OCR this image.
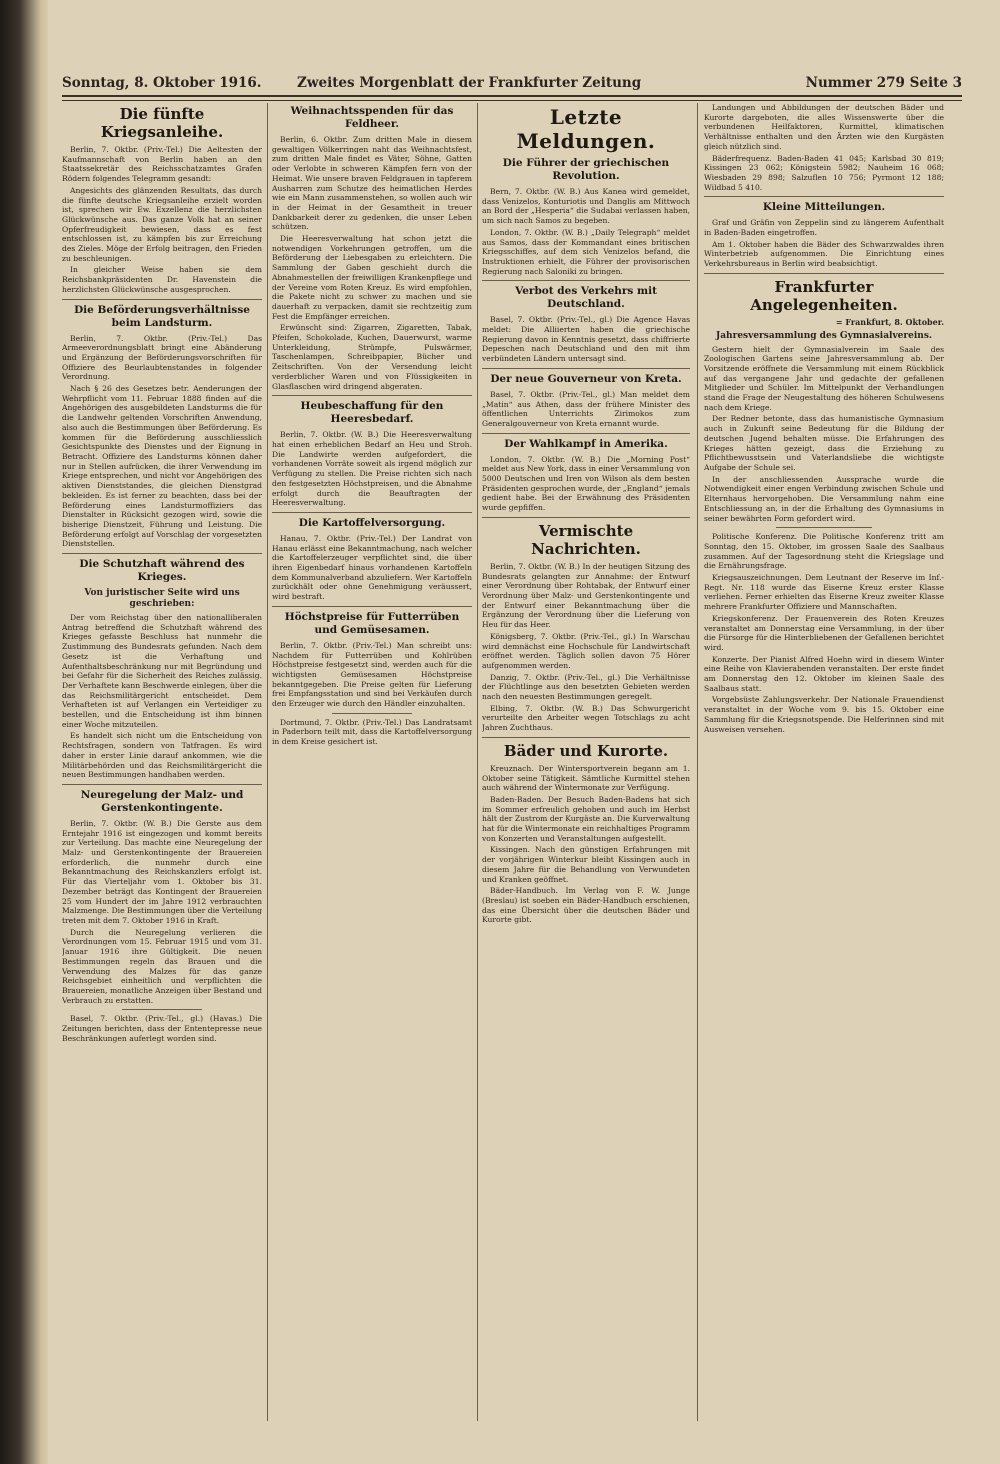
Sonntag, 8. Oktober 1916.	Zweites Morgenblatt der Frankfurter Zeitung	Nummer 279 Seite 3
Die fünfte Kriegsanleihe.

Berlin, 7. Oktbr. (Priv.-Tel.) Die Aeltesten der Kaufmannschaft von Berlin haben an den Staatssekretär des Reichsschatzamtes Grafen Rödern folgendes Telegramm gesandt:

Angesichts des glänzenden Resultats, das durch die fünfte deutsche Kriegsanleihe erzielt worden ist, sprechen wir Ew. Exzellenz die herzlichsten Glückwünsche aus. Das ganze Volk hat an seiner Opferfreudigkeit bewiesen, dass es fest entschlossen ist, zu kämpfen bis zur Erreichung des Zieles. Möge der Erfolg beitragen, den Frieden zu beschleunigen.

In gleicher Weise haben sie dem Reichsbankpräsidenten Dr. Havenstein die herzlichsten Glückwünsche ausgesprochen.

Die Beförderungsverhältnisse beim Landsturm.

Berlin, 7. Oktbr. (Priv.-Tel.) Das Armeeverordnungsblatt bringt eine Abänderung und Ergänzung der Beförderungsvorschriften für Offiziere des Beurlaubtenstandes in folgender Verordnung.

Nach § 26 des Gesetzes betr. Aenderungen der Wehrpflicht vom 11. Februar 1888 finden auf die Angehörigen des ausgebildeten Landsturms die für die Landwehr geltenden Vorschriften Anwendung, also auch die Bestimmungen über Beförderung. Es kommen für die Beförderung ausschliesslich Gesichtspunkte des Dienstes und der Eignung in Betracht. Offiziere des Landsturms können daher nur in Stellen aufrücken, die ihrer Verwendung im Kriege entsprechen, und nicht vor Angehörigen des aktiven Dienststandes, die gleichen Dienstgrad bekleiden. Es ist ferner zu beachten, dass bei der Beförderung eines Landsturmoffiziers das Dienstalter in Rücksicht gezogen wird, sowie die bisherige Dienstzeit, Führung und Leistung. Die Beförderung erfolgt auf Vorschlag der vorgesetzten Dienststellen.

Die Schutzhaft während des Krieges.
Von juristischer Seite wird uns geschrieben:

Der vom Reichstag über den nationalliberalen Antrag betreffend die Schutzhaft während des Krieges gefasste Beschluss hat nunmehr die Zustimmung des Bundesrats gefunden. Nach dem Gesetz ist die Verhaftung und Aufenthaltsbeschränkung nur mit Begründung und bei Gefahr für die Sicherheit des Reiches zulässig. Der Verhaftete kann Beschwerde einlegen, über die das Reichsmilitärgericht entscheidet. Dem Verhafteten ist auf Verlangen ein Verteidiger zu bestellen, und die Entscheidung ist ihm binnen einer Woche mitzuteilen.

Es handelt sich nicht um die Entscheidung von Rechtsfragen, sondern von Tatfragen. Es wird daher in erster Linie darauf ankommen, wie die Militärbehörden und das Reichsmilitärgericht die neuen Bestimmungen handhaben werden.

Neuregelung der Malz- und Gerstenkontingente.

Berlin, 7. Oktbr. (W. B.) Die Gerste aus dem Erntejahr 1916 ist eingezogen und kommt bereits zur Verteilung. Das machte eine Neuregelung der Malz- und Gerstenkontingente der Brauereien erforderlich, die nunmehr durch eine Bekanntmachung des Reichskanzlers erfolgt ist. Für das Vierteljahr vom 1. Oktober bis 31. Dezember beträgt das Kontingent der Brauereien 25 vom Hundert der im Jahre 1912 verbrauchten Malzmenge. Die Bestimmungen über die Verteilung treten mit dem 7. Oktober 1916 in Kraft.

Durch die Neuregelung verlieren die Verordnungen vom 15. Februar 1915 und vom 31. Januar 1916 ihre Gültigkeit. Die neuen Bestimmungen regeln das Brauen und die Verwendung des Malzes für das ganze Reichsgebiet einheitlich und verpflichten die Brauereien, monatliche Anzeigen über Bestand und Verbrauch zu erstatten.

Basel, 7. Oktbr. (Priv.-Tel., gl.) (Havas.) Die Zeitungen berichten, dass der Ententepresse neue Beschränkungen auferlegt worden sind.

Weihnachtsspenden für das Feldheer.

Berlin, 6. Oktbr. Zum dritten Male in diesem gewaltigen Völkerringen naht das Weihnachtsfest, zum dritten Male findet es Väter, Söhne, Gatten oder Verlobte in schweren Kämpfen fern von der Heimat. Wie unsere braven Feldgrauen in tapferem Ausharren zum Schutze des heimatlichen Herdes wie ein Mann zusammenstehen, so wollen auch wir in der Heimat in der Gesamtheit in treuer Dankbarkeit derer zu gedenken, die unser Leben schützen.

Die Heeresverwaltung hat schon jetzt die notwendigen Vorkehrungen getroffen, um die Beförderung der Liebesgaben zu erleichtern. Die Sammlung der Gaben geschieht durch die Abnahmestellen der freiwilligen Krankenpflege und der Vereine vom Roten Kreuz. Es wird empfohlen, die Pakete nicht zu schwer zu machen und sie dauerhaft zu verpacken, damit sie rechtzeitig zum Fest die Empfänger erreichen.

Erwünscht sind: Zigarren, Zigaretten, Tabak, Pfeifen, Schokolade, Kuchen, Dauerwurst, warme Unterkleidung, Strümpfe, Pulswärmer, Taschenlampen, Schreibpapier, Bücher und Zeitschriften. Von der Versendung leicht verderblicher Waren und von Flüssigkeiten in Glasflaschen wird dringend abgeraten.

Heubeschaffung für den Heeresbedarf.

Berlin, 7. Oktbr. (W. B.) Die Heeresverwaltung hat einen erheblichen Bedarf an Heu und Stroh. Die Landwirte werden aufgefordert, die vorhandenen Vorräte soweit als irgend möglich zur Verfügung zu stellen. Die Preise richten sich nach den festgesetzten Höchstpreisen, und die Abnahme erfolgt durch die Beauftragten der Heeresverwaltung.

Die Kartoffelversorgung.

Hanau, 7. Oktbr. (Priv.-Tel.) Der Landrat von Hanau erlässt eine Bekanntmachung, nach welcher die Kartoffelerzeuger verpflichtet sind, die über ihren Eigenbedarf hinaus vorhandenen Kartoffeln dem Kommunalverband abzuliefern. Wer Kartoffeln zurückhält oder ohne Genehmigung veräussert, wird bestraft.

Höchstpreise für Futterrüben und Gemüsesamen.

Berlin, 7. Oktbr. (Priv.-Tel.) Man schreibt uns: Nachdem für Futterrüben und Kohlrüben Höchstpreise festgesetzt sind, werden auch für die wichtigsten Gemüsesamen Höchstpreise bekanntgegeben. Die Preise gelten für Lieferung frei Empfangsstation und sind bei Verkäufen durch den Erzeuger wie durch den Händler einzuhalten.

Dortmund, 7. Oktbr. (Priv.-Tel.) Das Landratsamt in Paderborn teilt mit, dass die Kartoffelversorgung in dem Kreise gesichert ist.

Letzte Meldungen.
Die Führer der griechischen Revolution.

Bern, 7. Oktbr. (W. B.) Aus Kanea wird gemeldet, dass Venizelos, Konturiotis und Danglis am Mittwoch an Bord der „Hesperia“ die Sudabai verlassen haben, um sich nach Samos zu begeben.

London, 7. Oktbr. (W. B.) „Daily Telegraph“ meldet aus Samos, dass der Kommandant eines britischen Kriegsschiffes, auf dem sich Venizelos befand, die Instruktionen erhielt, die Führer der provisorischen Regierung nach Saloniki zu bringen.

Verbot des Verkehrs mit Deutschland.

Basel, 7. Oktbr. (Priv.-Tel., gl.) Die Agence Havas meldet: Die Alliierten haben die griechische Regierung davon in Kenntnis gesetzt, dass chiffrierte Depeschen nach Deutschland und den mit ihm verbündeten Ländern untersagt sind.

Der neue Gouverneur von Kreta.

Basel, 7. Oktbr. (Priv.-Tel., gl.) Man meldet dem „Matin“ aus Athen, dass der frühere Minister des öffentlichen Unterrichts Zirimokos zum Generalgouverneur von Kreta ernannt wurde.

Der Wahlkampf in Amerika.

London, 7. Oktbr. (W. B.) Die „Morning Post“ meldet aus New York, dass in einer Versammlung von 5000 Deutschen und Iren von Wilson als dem besten Präsidenten gesprochen wurde, der „England“ jemals gedient habe. Bei der Erwähnung des Präsidenten wurde gepfiffen.

Vermischte Nachrichten.

Berlin, 7. Oktbr. (W. B.) In der heutigen Sitzung des Bundesrats gelangten zur Annahme: der Entwurf einer Verordnung über Rohtabak, der Entwurf einer Verordnung über Malz- und Gerstenkontingente und der Entwurf einer Bekanntmachung über die Ergänzung der Verordnung über die Lieferung von Heu für das Heer.

Königsberg, 7. Oktbr. (Priv.-Tel., gl.) In Warschau wird demnächst eine Hochschule für Landwirtschaft eröffnet werden. Täglich sollen davon 75 Hörer aufgenommen werden.

Danzig, 7. Oktbr. (Priv.-Tel., gl.) Die Verhältnisse der Flüchtlinge aus den besetzten Gebieten werden nach den neuesten Bestimmungen geregelt.

Elbing, 7. Oktbr. (W. B.) Das Schwurgericht verurteilte den Arbeiter wegen Totschlags zu acht Jahren Zuchthaus.

Bäder und Kurorte.

Kreuznach. Der Wintersportverein begann am 1. Oktober seine Tätigkeit. Sämtliche Kurmittel stehen auch während der Wintermonate zur Verfügung.

Baden-Baden. Der Besuch Baden-Badens hat sich im Sommer erfreulich gehoben und auch im Herbst hält der Zustrom der Kurgäste an. Die Kurverwaltung hat für die Wintermonate ein reichhaltiges Programm von Konzerten und Veranstaltungen aufgestellt.

Kissingen. Nach den günstigen Erfahrungen mit der vorjährigen Winterkur bleibt Kissingen auch in diesem Jahre für die Behandlung von Verwundeten und Kranken geöffnet.

Bäder-Handbuch. Im Verlag von F. W. Junge (Breslau) ist soeben ein Bäder-Handbuch erschienen, das eine Übersicht über die deutschen Bäder und Kurorte gibt.

Landungen und Abbildungen der deutschen Bäder und Kurorte dargeboten, die alles Wissenswerte über die verbundenen Heilfaktoren, Kurmittel, klimatischen Verhältnisse enthalten und den Ärzten wie den Kurgästen gleich nützlich sind.

Bäderfrequenz. Baden-Baden 41 045; Karlsbad 30 819; Kissingen 23 062; Königstein 5982; Nauheim 16 068; Wiesbaden 29 898; Salzuflen 10 756; Pyrmont 12 188; Wildbad 5 410.

Kleine Mitteilungen.

Graf und Gräfin von Zeppelin sind zu längerem Aufenthalt in Baden-Baden eingetroffen.

Am 1. Oktober haben die Bäder des Schwarzwaldes ihren Winterbetrieb aufgenommen. Die Einrichtung eines Verkehrsbureaus in Berlin wird beabsichtigt.

Frankfurter Angelegenheiten.
= Frankfurt, 8. Oktober.
Jahresversammlung des Gymnasialvereins.

Gestern hielt der Gymnasialverein im Saale des Zoologischen Gartens seine Jahresversammlung ab. Der Vorsitzende eröffnete die Versammlung mit einem Rückblick auf das vergangene Jahr und gedachte der gefallenen Mitglieder und Schüler. Im Mittelpunkt der Verhandlungen stand die Frage der Neugestaltung des höheren Schulwesens nach dem Kriege.

Der Redner betonte, dass das humanistische Gymnasium auch in Zukunft seine Bedeutung für die Bildung der deutschen Jugend behalten müsse. Die Erfahrungen des Krieges hätten gezeigt, dass die Erziehung zu Pflichtbewusstsein und Vaterlandsliebe die wichtigste Aufgabe der Schule sei.

In der anschliessenden Aussprache wurde die Notwendigkeit einer engen Verbindung zwischen Schule und Elternhaus hervorgehoben. Die Versammlung nahm eine Entschliessung an, in der die Erhaltung des Gymnasiums in seiner bewährten Form gefordert wird.

Politische Konferenz. Die Politische Konferenz tritt am Sonntag, den 15. Oktober, im grossen Saale des Saalbaus zusammen. Auf der Tagesordnung steht die Kriegslage und die Ernährungsfrage.

Kriegsauszeichnungen. Dem Leutnant der Reserve im Inf.-Regt. Nr. 118 wurde das Eiserne Kreuz erster Klasse verliehen. Ferner erhielten das Eiserne Kreuz zweiter Klasse mehrere Frankfurter Offiziere und Mannschaften.

Kriegskonferenz. Der Frauenverein des Roten Kreuzes veranstaltet am Donnerstag eine Versammlung, in der über die Fürsorge für die Hinterbliebenen der Gefallenen berichtet wird.

Konzerte. Der Pianist Alfred Hoehn wird in diesem Winter eine Reihe von Klavierabenden veranstalten. Der erste findet am Donnerstag den 12. Oktober im kleinen Saale des Saalbaus statt.

Vorgebsüste Zahlungsverkehr. Der Nationale Frauendienst veranstaltet in der Woche vom 9. bis 15. Oktober eine Sammlung für die Kriegsnotspende. Die Helferinnen sind mit Ausweisen versehen.
